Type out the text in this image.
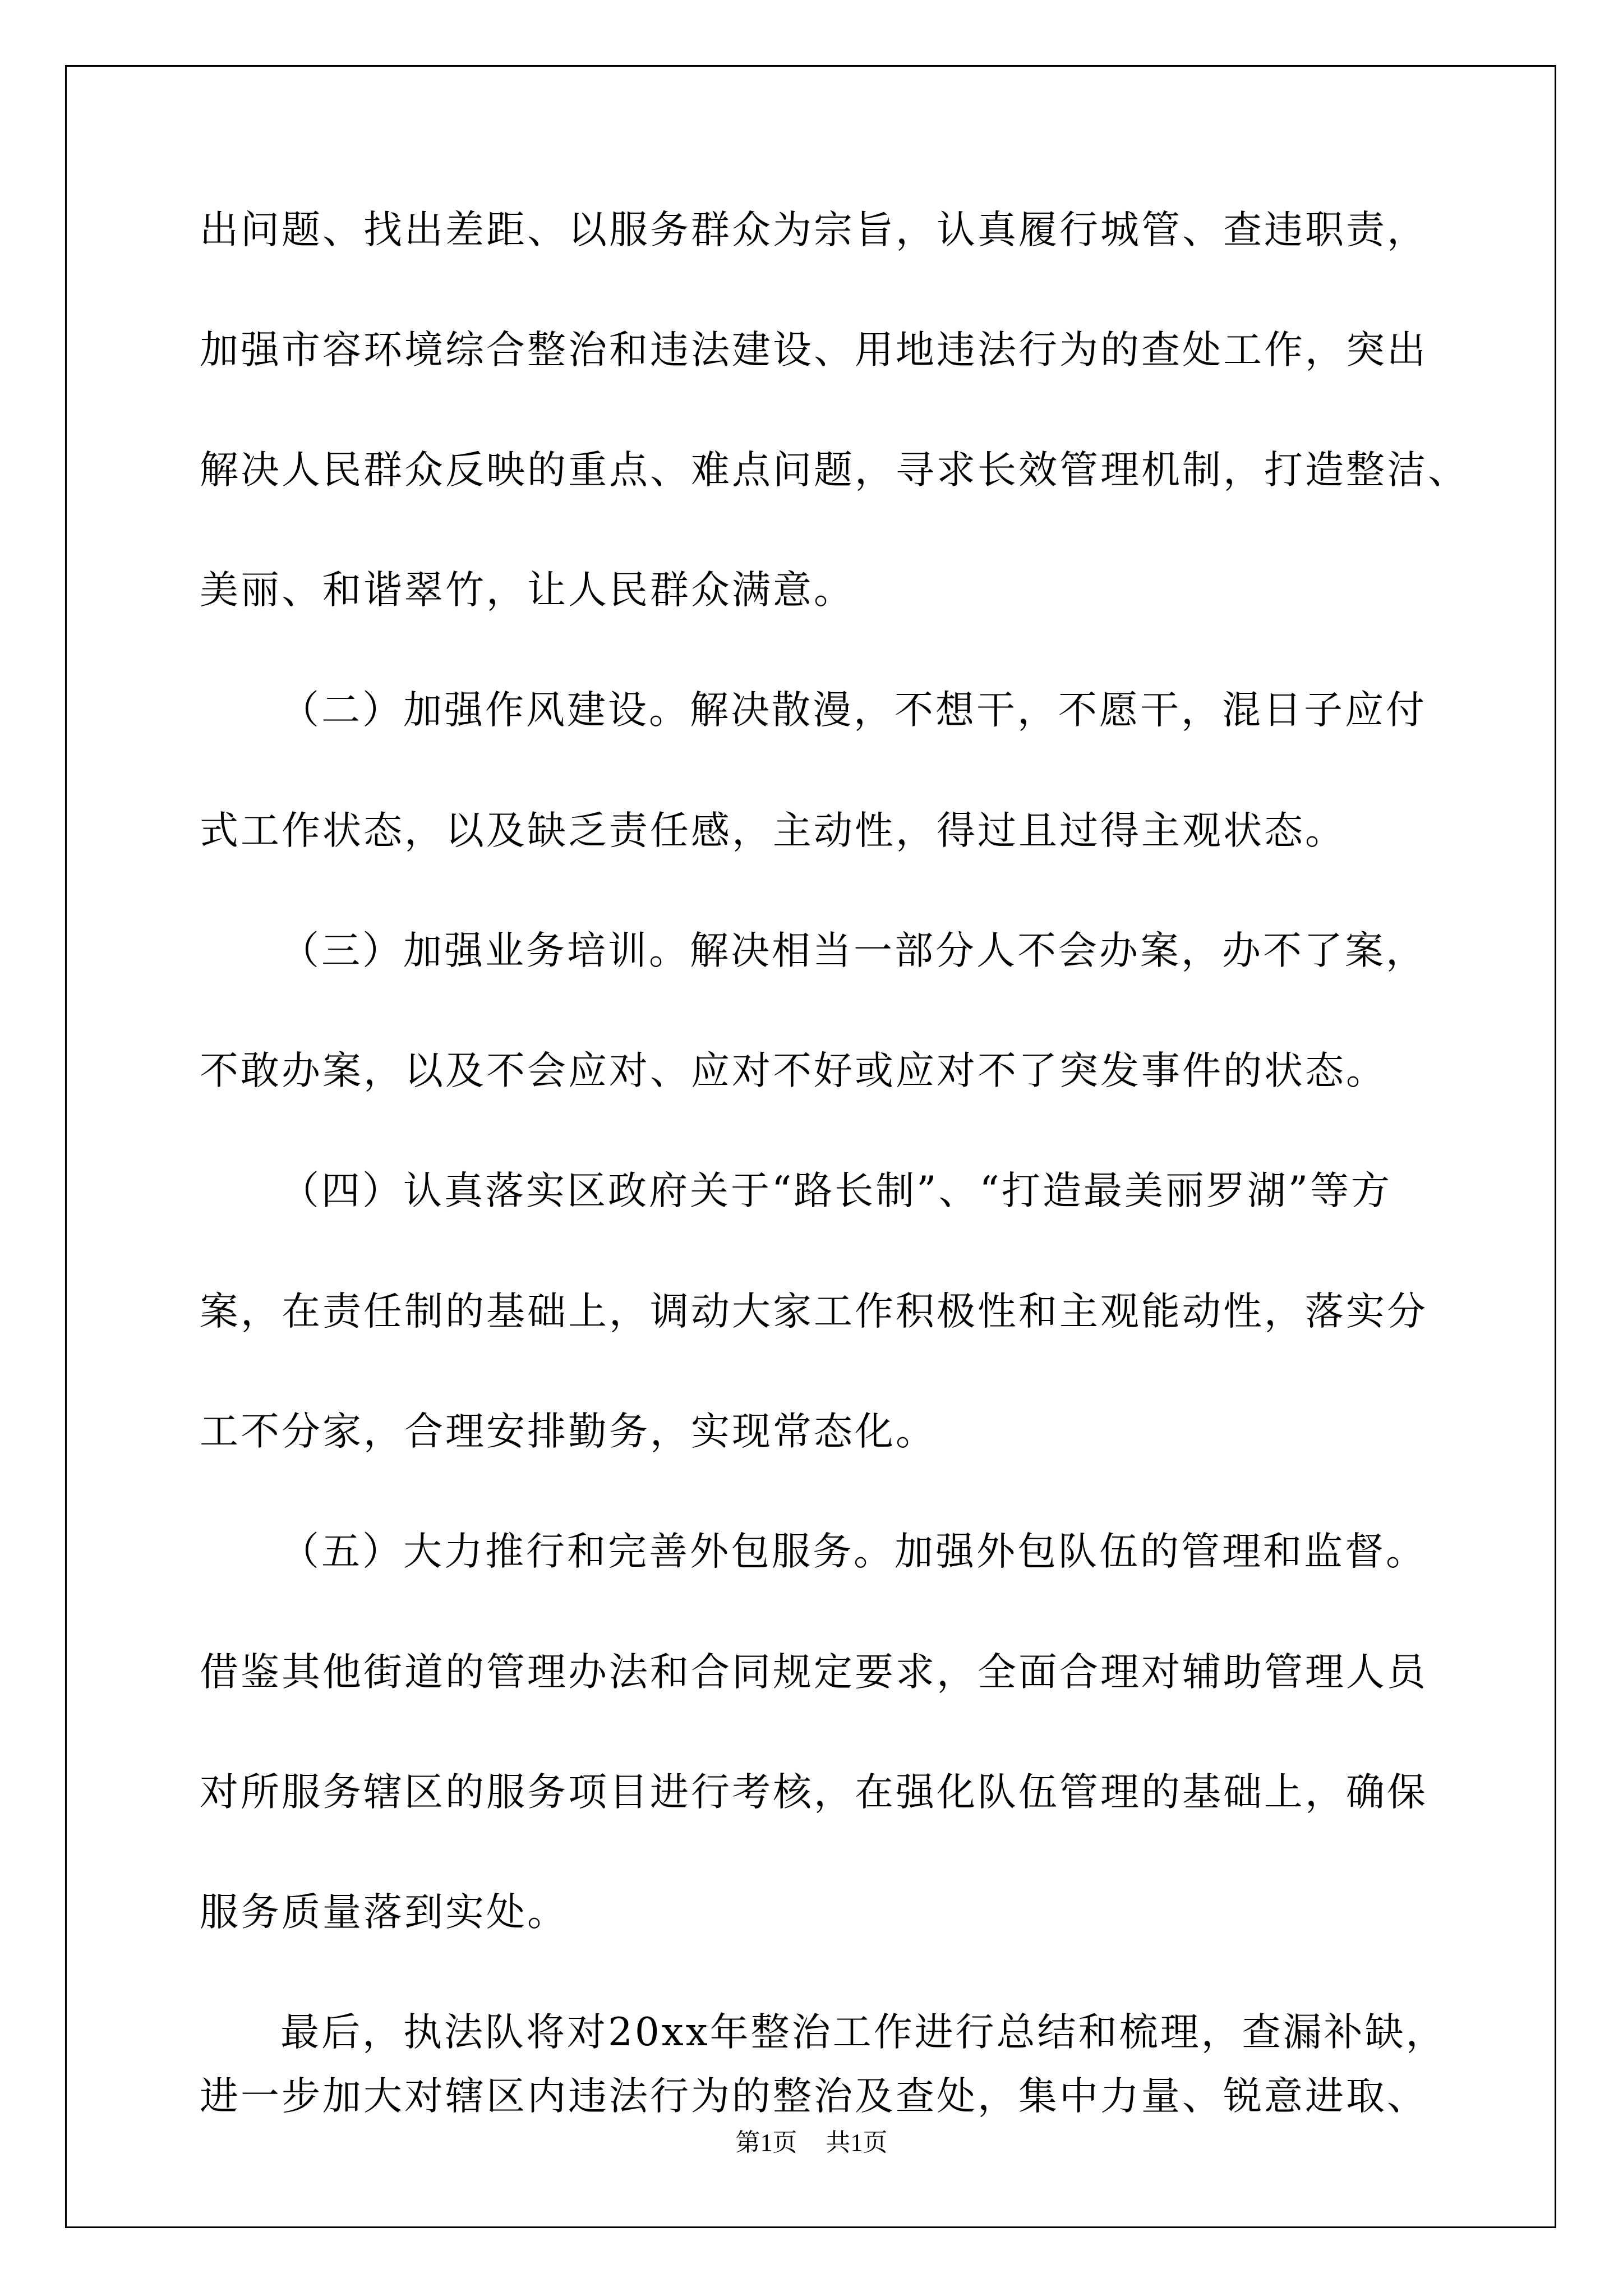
出问题、找出差距、以服务群众为宗旨，认真履行城管、查违职责，
加强市容环境综合整治和违法建设、用地违法行为的查处工作，突出
解决人民群众反映的重点、难点问题，寻求长效管理机制，打造整洁、
美丽、和谐翠竹，让人民群众满意。
（二）加强作风建设。解决散漫，不想干，不愿干，混日子应付
式工作状态，以及缺乏责任感，主动性，得过且过得主观状态。
（三）加强业务培训。解决相当一部分人不会办案，办不了案，
不敢办案，以及不会应对、应对不好或应对不了突发事件的状态。
（四）认真落实区政府关于“路长制”、“打造最美丽罗湖”等方
案，在责任制的基础上，调动大家工作积极性和主观能动性，落实分
工不分家，合理安排勤务，实现常态化。
（五）大力推行和完善外包服务。加强外包队伍的管理和监督。
借鉴其他街道的管理办法和合同规定要求，全面合理对辅助管理人员
对所服务辖区的服务项目进行考核，在强化队伍管理的基础上，确保
服务质量落到实处。
最后，执法队将对20xx年整治工作进行总结和梳理，查漏补缺，
进一步加大对辖区内违法行为的整治及查处，集中力量、锐意进取、
第1页 共1页
